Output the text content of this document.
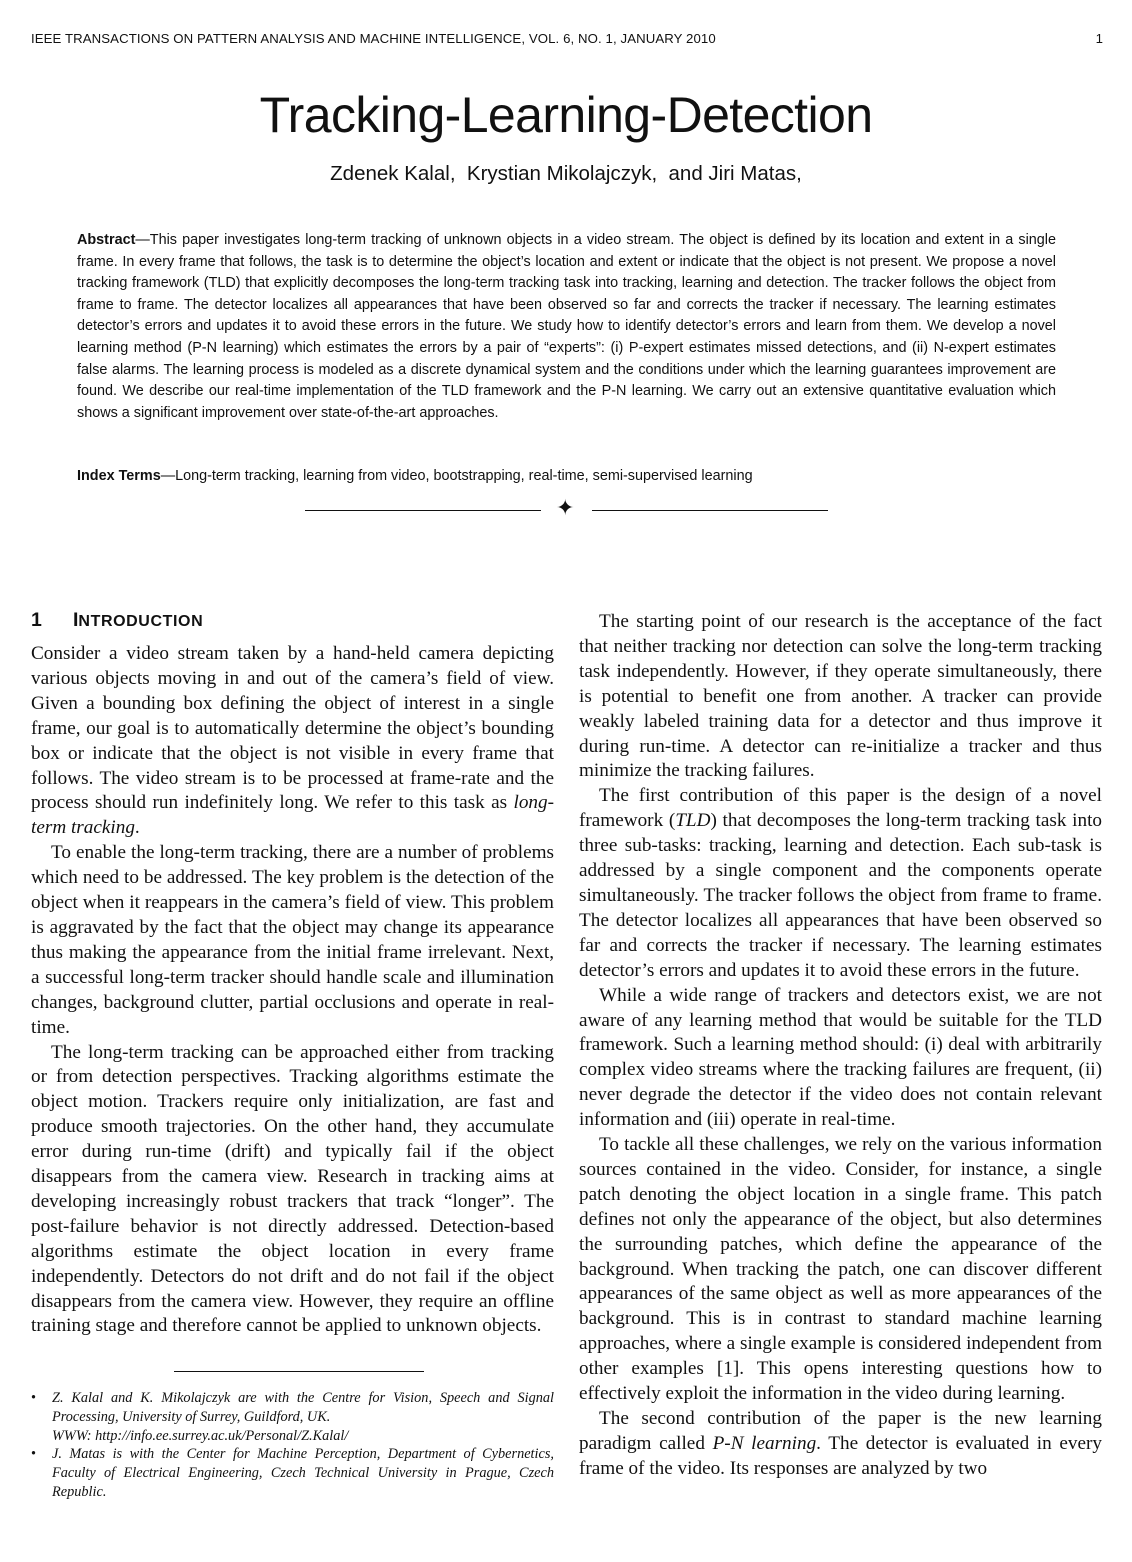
IEEE TRANSACTIONS ON PATTERN ANALYSIS AND MACHINE INTELLIGENCE, VOL. 6, NO. 1, JANUARY 2010	1
Tracking-Learning-Detection
Zdenek Kalal,  Krystian Mikolajczyk,  and Jiri Matas,

Abstract—This paper investigates long-term tracking of unknown objects in a video stream. The object is defined by its location and extent in a single frame. In every frame that follows, the task is to determine the object’s location and extent or indicate that the object is not present. We propose a novel tracking framework (TLD) that explicitly decomposes the long-term tracking task into tracking, learning and detection. The tracker follows the object from frame to frame. The detector localizes all appearances that have been observed so far and corrects the tracker if necessary. The learning estimates detector’s errors and updates it to avoid these errors in the future. We study how to identify detector’s errors and learn from them. We develop a novel learning method (P-N learning) which estimates the errors by a pair of “experts”: (i) P-expert estimates missed detections, and (ii) N-expert estimates false alarms. The learning process is modeled as a discrete dynamical system and the conditions under which the learning guarantees improvement are found. We describe our real-time implementation of the TLD framework and the P-N learning. We carry out an extensive quantitative evaluation which shows a significant improvement over state-of-the-art approaches.

Index Terms—Long-term tracking, learning from video, bootstrapping, real-time, semi-supervised learning

✦
1 INTRODUCTION

Consider a video stream taken by a hand-held camera depicting various objects moving in and out of the camera’s field of view. Given a bounding box defining the object of interest in a single frame, our goal is to automatically determine the object’s bounding box or indicate that the object is not visible in every frame that follows. The video stream is to be processed at frame-rate and the process should run indefinitely long. We refer to this task as long-term tracking.

To enable the long-term tracking, there are a number of problems which need to be addressed. The key problem is the detection of the object when it reappears in the camera’s field of view. This problem is aggravated by the fact that the object may change its appearance thus making the appearance from the initial frame irrelevant. Next, a successful long-term tracker should handle scale and illumination changes, background clutter, partial occlusions and operate in real-time.

The long-term tracking can be approached either from tracking or from detection perspectives. Tracking algorithms estimate the object motion. Trackers require only initialization, are fast and produce smooth trajectories. On the other hand, they accumulate error during run-time (drift) and typically fail if the object disappears from the camera view. Research in tracking aims at developing increasingly robust trackers that track “longer”. The post-failure behavior is not directly addressed. Detection-based algorithms estimate the object location in every frame independently. Detectors do not drift and do not fail if the object disappears from the camera view. However, they require an offline training stage and therefore cannot be applied to unknown objects.

• Z. Kalal and K. Mikolajczyk are with the Centre for Vision, Speech and Signal Processing, University of Surrey, Guildford, UK.
WWW: http://info.ee.surrey.ac.uk/Personal/Z.Kalal/
• J. Matas is with the Center for Machine Perception, Department of Cybernetics, Faculty of Electrical Engineering, Czech Technical University in Prague, Czech Republic.

The starting point of our research is the acceptance of the fact that neither tracking nor detection can solve the long-term tracking task independently. However, if they operate simultaneously, there is potential to benefit one from another. A tracker can provide weakly labeled training data for a detector and thus improve it during run-time. A detector can re-initialize a tracker and thus minimize the tracking failures.

The first contribution of this paper is the design of a novel framework (TLD) that decomposes the long-term tracking task into three sub-tasks: tracking, learning and detection. Each sub-task is addressed by a single component and the components operate simultaneously. The tracker follows the object from frame to frame. The detector localizes all appearances that have been observed so far and corrects the tracker if necessary. The learning estimates detector’s errors and updates it to avoid these errors in the future.

While a wide range of trackers and detectors exist, we are not aware of any learning method that would be suitable for the TLD framework. Such a learning method should: (i) deal with arbitrarily complex video streams where the tracking failures are frequent, (ii) never degrade the detector if the video does not contain relevant information and (iii) operate in real-time.

To tackle all these challenges, we rely on the various information sources contained in the video. Consider, for instance, a single patch denoting the object location in a single frame. This patch defines not only the appearance of the object, but also determines the surrounding patches, which define the appearance of the background. When tracking the patch, one can discover different appearances of the same object as well as more appearances of the background. This is in contrast to standard machine learning approaches, where a single example is considered independent from other examples [1]. This opens interesting questions how to effectively exploit the information in the video during learning.

The second contribution of the paper is the new learning paradigm called P-N learning. The detector is evaluated in every frame of the video. Its responses are analyzed by two
